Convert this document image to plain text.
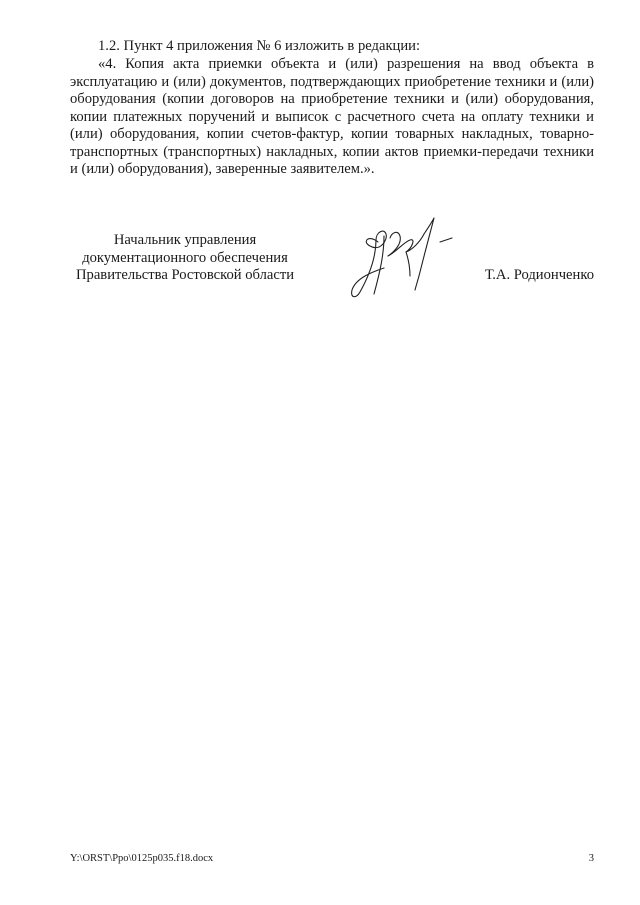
1.2. Пункт 4 приложения № 6 изложить в редакции:

«4. Копия акта приемки объекта и (или) разрешения на ввод объекта в эксплуатацию и (или) документов, подтверждающих приобретение техники и (или) оборудования (копии договоров на приобретение техники и (или) оборудования, копии платежных поручений и выписок с расчетного счета на оплату техники и (или) оборудования, копии счетов-фактур, копии товарных накладных, товарно-транспортных (транспортных) накладных, копии актов приемки-передачи техники и (или) оборудования), заверенные заявителем.».

Начальник управления
документационного обеспечения
Правительства Ростовской области	Т.А. Родионченко
Y:\ORST\Ppo\0125p035.f18.docx	3
